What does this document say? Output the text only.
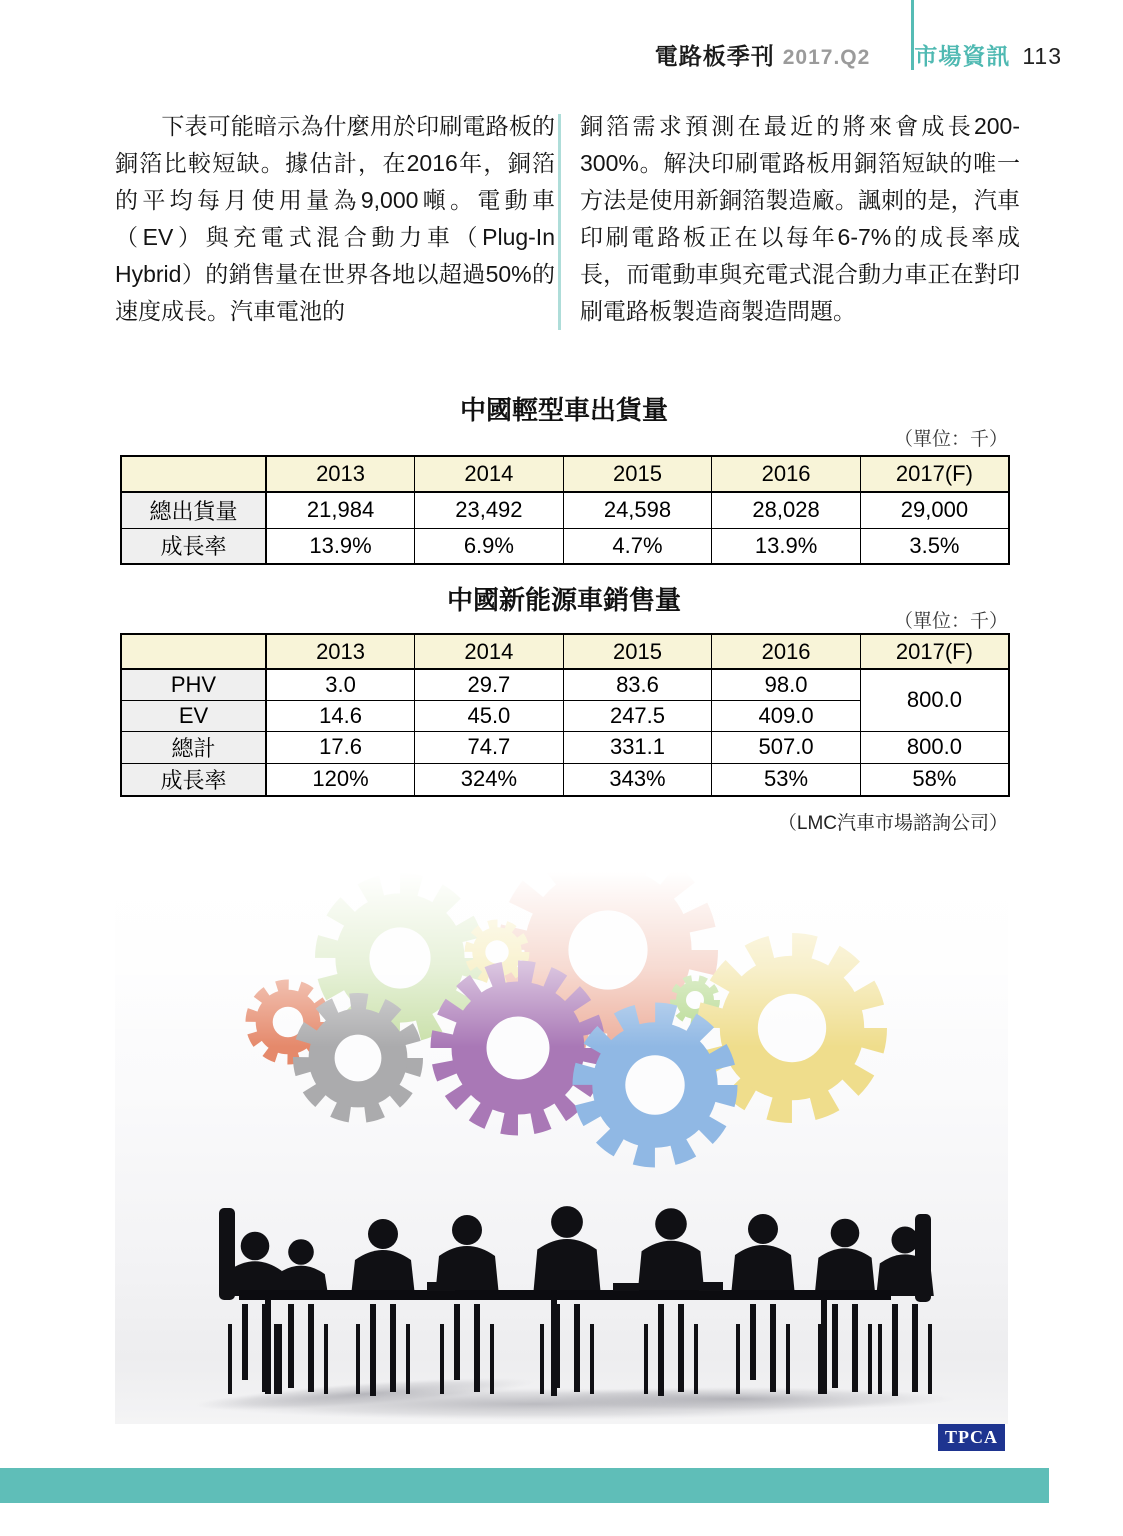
電路板季刊 2017.Q2 市場資訊 113
　　下表可能暗示為什麼用於印刷電路板的銅箔比較短缺。據估計，在2016年，銅箔的平均每月使用量為9,000噸。電動車（EV）與充電式混合動力車（Plug-In Hybrid）的銷售量在世界各地以超過50%的速度成長。汽車電池的
銅箔需求預測在最近的將來會成長200-300%。解決印刷電路板用銅箔短缺的唯一方法是使用新銅箔製造廠。諷刺的是，汽車印刷電路板正在以每年6-7%的成長率成長，而電動車與充電式混合動力車正在對印刷電路板製造商製造問題。
中國輕型車出貨量
（單位：千）
	2013	2014	2015	2016	2017(F)
總出貨量	21,984	23,492	24,598	28,028	29,000
成長率	13.9%	6.9%	4.7%	13.9%	3.5%
中國新能源車銷售量
（單位：千）
	2013	2014	2015	2016	2017(F)
PHV	3.0	29.7	83.6	98.0	800.0
EV	14.6	45.0	247.5	409.0	
總計	17.6	74.7	331.1	507.0	800.0
成長率	120%	324%	343%	53%	58%
（LMC汽車市場諮詢公司）
TPCA
